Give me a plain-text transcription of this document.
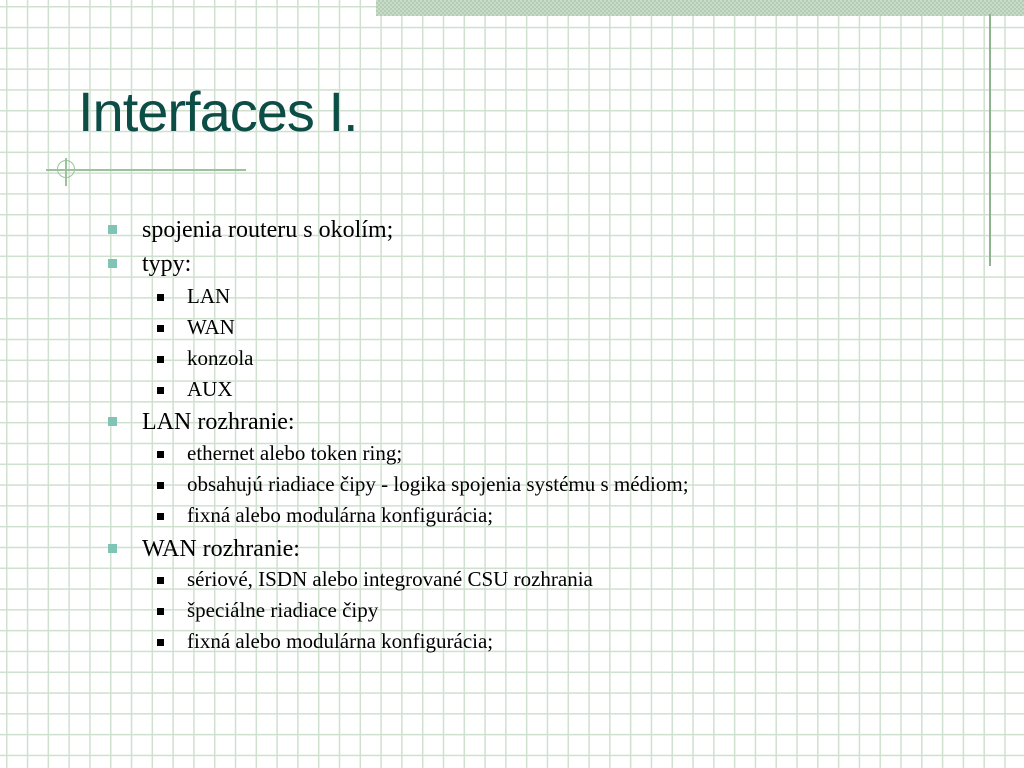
Interfaces I.
spojenia routeru s okolím;
typy:
LAN
WAN
konzola
AUX
LAN rozhranie:
ethernet alebo token ring;
obsahujú riadiace čipy - logika spojenia systému s médiom;
fixná alebo modulárna konfigurácia;
WAN rozhranie:
sériové, ISDN alebo integrované CSU rozhrania
špeciálne riadiace čipy
fixná alebo modulárna konfigurácia;
